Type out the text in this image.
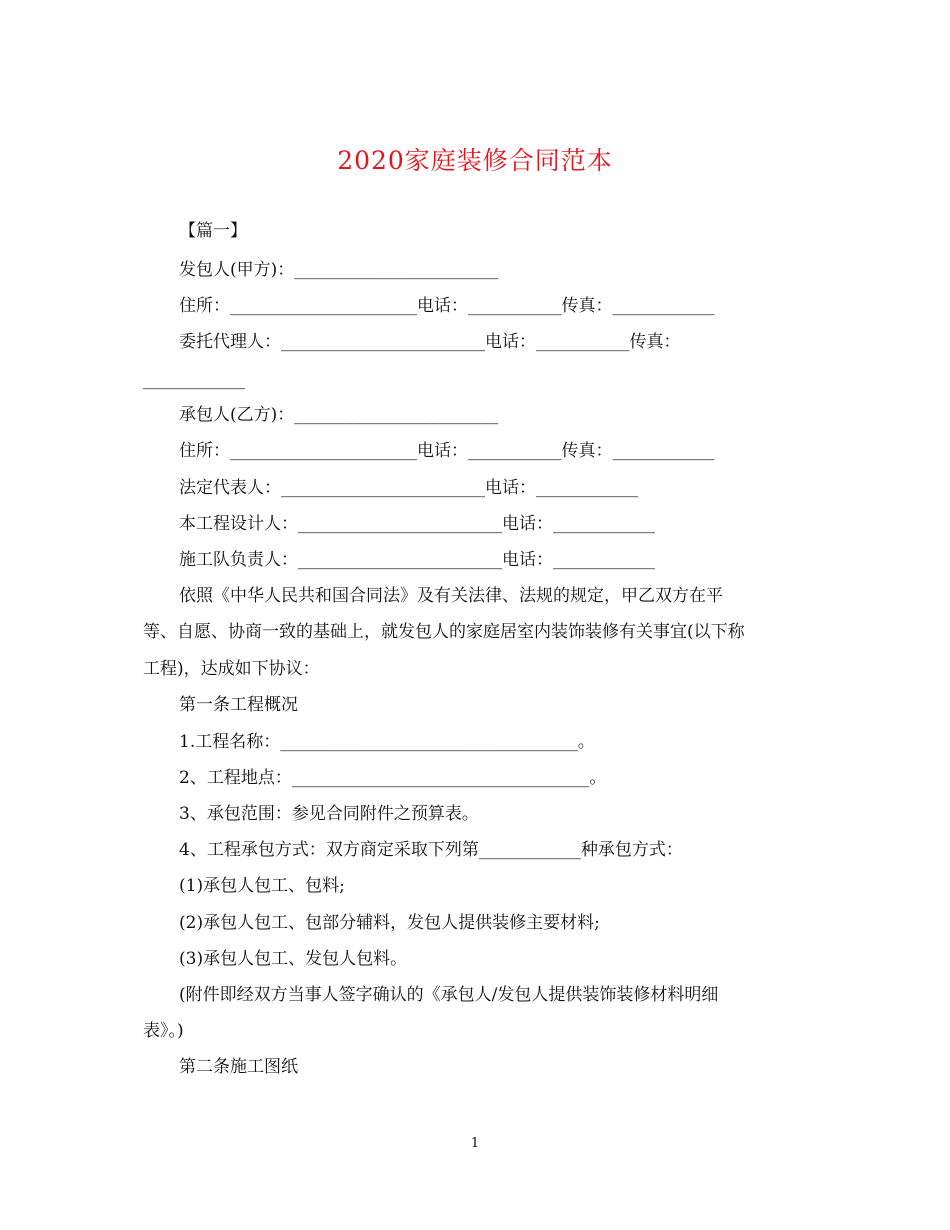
2020家庭装修合同范本
【篇一】
发包人(甲方)：________________________
住所：______________________电话：___________传真：____________
委托代理人：________________________电话：___________传真：
____________
承包人(乙方)：________________________
住所：______________________电话：___________传真：____________
法定代表人：________________________电话：____________
本工程设计人：________________________电话：____________
施工队负责人：________________________电话：____________
依照《中华人民共和国合同法》及有关法律、法规的规定，甲乙双方在平
等、自愿、协商一致的基础上，就发包人的家庭居室内装饰装修有关事宜(以下称
工程)，达成如下协议：
第一条工程概况
1.工程名称：___________________________________。
2、工程地点：___________________________________。
3、承包范围：参见合同附件之预算表。
4、工程承包方式：双方商定采取下列第____________种承包方式：
(1)承包人包工、包料;
(2)承包人包工、包部分辅料，发包人提供装修主要材料;
(3)承包人包工、发包人包料。
(附件即经双方当事人签字确认的《承包人/发包人提供装饰装修材料明细
表》。)
第二条施工图纸
1
